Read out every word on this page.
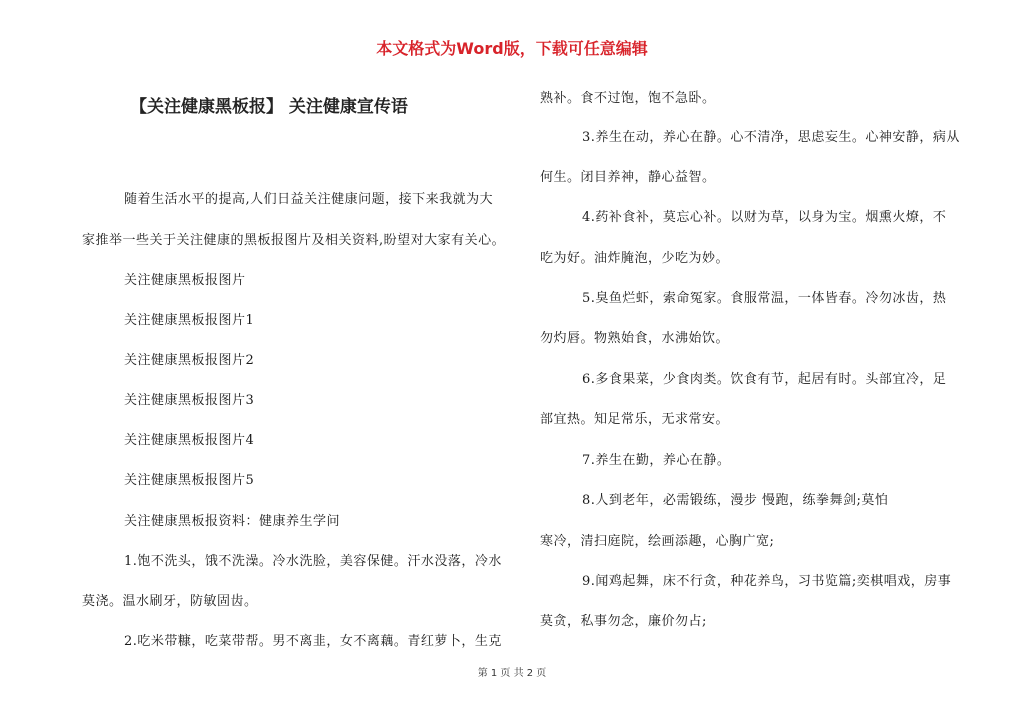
本文格式为Word版，下载可任意编辑
【关注健康黑板报】 关注健康宣传语

随着生活水平的提高,人们日益关注健康问题，接下来我就为大

家推举一些关于关注健康的黑板报图片及相关资料,盼望对大家有关心。

关注健康黑板报图片

关注健康黑板报图片1

关注健康黑板报图片2

关注健康黑板报图片3

关注健康黑板报图片4

关注健康黑板报图片5

关注健康黑板报资料：健康养生学问

1.饱不洗头，饿不洗澡。冷水洗脸，美容保健。汗水没落，冷水

莫浇。温水刷牙，防敏固齿。

2.吃米带糠，吃菜带帮。男不离韭，女不离藕。青红萝卜，生克

熟补。食不过饱，饱不急卧。

3.养生在动，养心在静。心不清净，思虑妄生。心神安静，病从

何生。闭目养神，静心益智。

4.药补食补，莫忘心补。以财为草，以身为宝。烟熏火燎，不

吃为好。油炸腌泡，少吃为妙。

5.臭鱼烂虾，索命冤家。食服常温，一体皆春。冷勿冰齿，热

勿灼唇。物熟始食，水沸始饮。

6.多食果菜，少食肉类。饮食有节，起居有时。头部宜冷，足

部宜热。知足常乐，无求常安。

7.养生在勤，养心在静。

8.人到老年，必需锻练，漫步 慢跑，练拳舞剑;莫怕

寒冷，清扫庭院，绘画添趣，心胸广宽;

9.闻鸡起舞，床不行贪，种花养鸟，习书览篇;奕棋唱戏，房事

莫贪，私事勿念，廉价勿占;

第 1 页 共 2 页
